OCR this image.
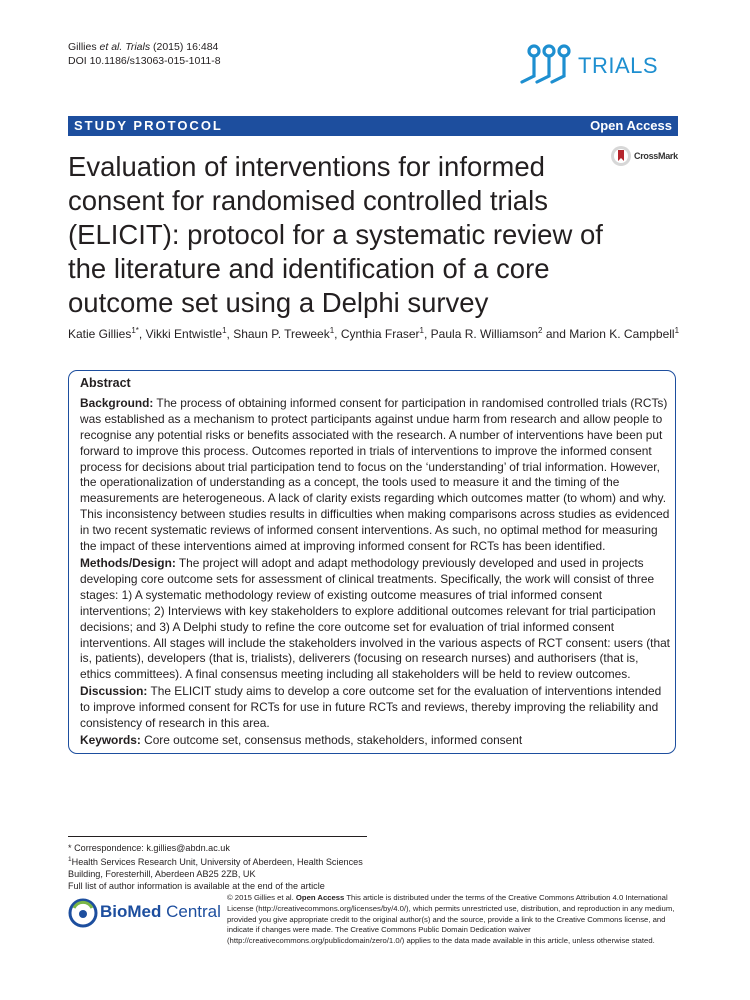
Gillies et al. Trials (2015) 16:484
DOI 10.1186/s13063-015-1011-8	TRIALS
STUDY PROTOCOL	Open Access
Evaluation of interventions for informed consent for randomised controlled trials (ELICIT): protocol for a systematic review of the literature and identification of a core outcome set using a Delphi survey
CrossMark
Katie Gillies$^{1*}$, Vikki Entwistle$^1$, Shaun P. Treweek$^1$, Cynthia Fraser$^1$, Paula R. Williamson$^2$ and Marion K. Campbell$^1$
Abstract

Background: The process of obtaining informed consent for participation in randomised controlled trials (RCTs) was established as a mechanism to protect participants against undue harm from research and allow people to recognise any potential risks or benefits associated with the research. A number of interventions have been put forward to improve this process. Outcomes reported in trials of interventions to improve the informed consent process for decisions about trial participation tend to focus on the ‘understanding’ of trial information. However, the operationalization of understanding as a concept, the tools used to measure it and the timing of the measurements are heterogeneous. A lack of clarity exists regarding which outcomes matter (to whom) and why. This inconsistency between studies results in difficulties when making comparisons across studies as evidenced in two recent systematic reviews of informed consent interventions. As such, no optimal method for measuring the impact of these interventions aimed at improving informed consent for RCTs has been identified.

Methods/Design: The project will adopt and adapt methodology previously developed and used in projects developing core outcome sets for assessment of clinical treatments. Specifically, the work will consist of three stages: 1) A systematic methodology review of existing outcome measures of trial informed consent interventions; 2) Interviews with key stakeholders to explore additional outcomes relevant for trial participation decisions; and 3) A Delphi study to refine the core outcome set for evaluation of trial informed consent interventions. All stages will include the stakeholders involved in the various aspects of RCT consent: users (that is, patients), developers (that is, trialists), deliverers (focusing on research nurses) and authorisers (that is, ethics committees). A final consensus meeting including all stakeholders will be held to review outcomes.

Discussion: The ELICIT study aims to develop a core outcome set for the evaluation of interventions intended to improve informed consent for RCTs for use in future RCTs and reviews, thereby improving the reliability and consistency of research in this area.

Keywords: Core outcome set, consensus methods, stakeholders, informed consent

* Correspondence: k.gillies@abdn.ac.uk
$^1$Health Services Research Unit, University of Aberdeen, Health Sciences
Building, Foresterhill, Aberdeen AB25 2ZB, UK
Full list of author information is available at the end of the article
BioMed Central
© 2015 Gillies et al. Open Access This article is distributed under the terms of the Creative Commons Attribution 4.0 International License (http://creativecommons.org/licenses/by/4.0/), which permits unrestricted use, distribution, and reproduction in any medium, provided you give appropriate credit to the original author(s) and the source, provide a link to the Creative Commons license, and indicate if changes were made. The Creative Commons Public Domain Dedication waiver (http://creativecommons.org/publicdomain/zero/1.0/) applies to the data made available in this article, unless otherwise stated.
